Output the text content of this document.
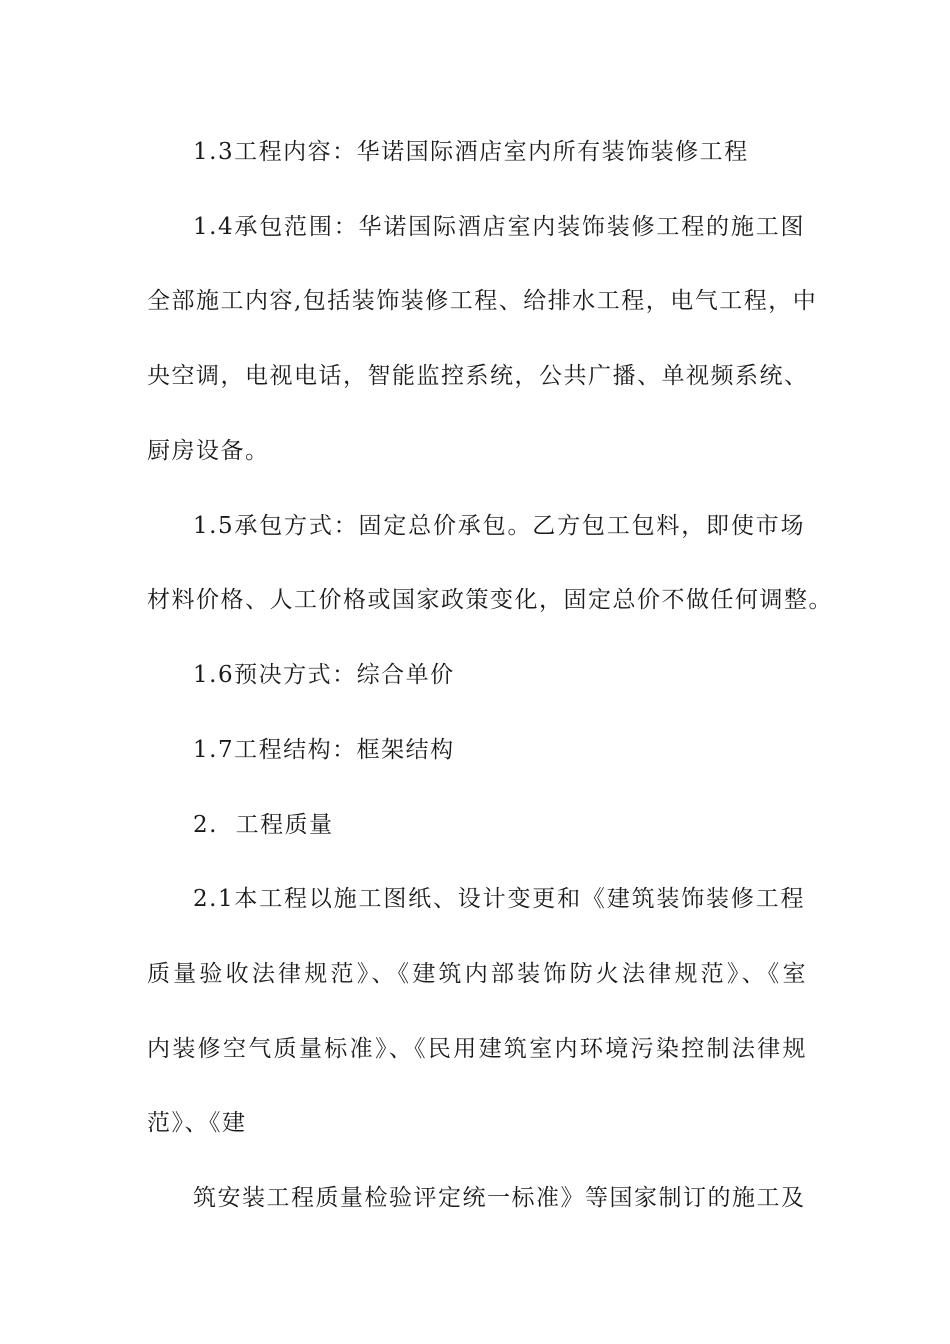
1.3工程内容：华诺国际酒店室内所有装饰装修工程
1.4承包范围：华诺国际酒店室内装饰装修工程的施工图
全部施工内容,包括装饰装修工程、给排水工程，电气工程，中
央空调，电视电话，智能监控系统，公共广播、单视频系统、
厨房设备。
1.5承包方式：固定总价承包。乙方包工包料，即使市场
材料价格、人工价格或国家政策变化，固定总价不做任何调整。
1.6预决方式：综合单价
1.7工程结构：框架结构
2.  工程质量
2.1本工程以施工图纸、设计变更和《建筑装饰装修工程
质量验收法律规范》、《建筑内部装饰防火法律规范》、《室
内装修空气质量标准》、《民用建筑室内环境污染控制法律规
范》、《建
筑安装工程质量检验评定统一标准》等国家制订的施工及
